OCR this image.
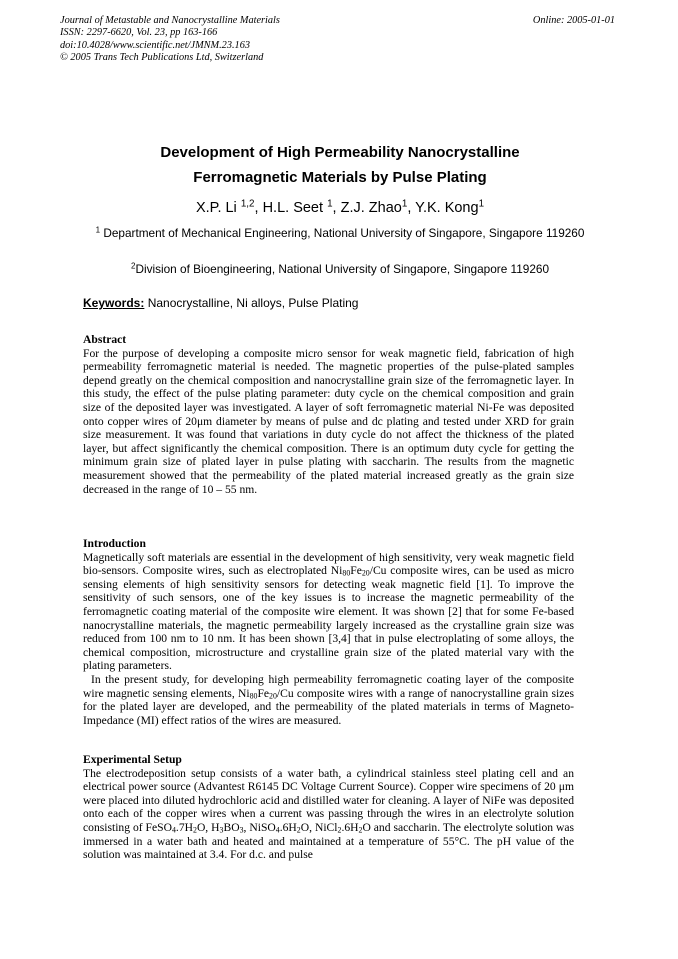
Journal of Metastable and Nanocrystalline Materials
ISSN: 2297-6620, Vol. 23, pp 163-166
doi:10.4028/www.scientific.net/JMNM.23.163
© 2005 Trans Tech Publications Ltd, Switzerland
Online: 2005-01-01
Development of High Permeability Nanocrystalline
Ferromagnetic Materials by Pulse Plating
X.P. Li $^{1,2}$, H.L. Seet $^1$, Z.J. Zhao$^1$, Y.K. Kong$^1$
$^1$ Department of Mechanical Engineering, National University of Singapore, Singapore 119260
$^2$Division of Bioengineering, National University of Singapore, Singapore 119260
Keywords: Nanocrystalline, Ni alloys, Pulse Plating
Abstract

For the purpose of developing a composite micro sensor for weak magnetic field, fabrication of high permeability ferromagnetic material is needed. The magnetic properties of the pulse-plated samples depend greatly on the chemical composition and nanocrystalline grain size of the ferromagnetic layer. In this study, the effect of the pulse plating parameter: duty cycle on the chemical composition and grain size of the deposited layer was investigated. A layer of soft ferromagnetic material Ni-Fe was deposited onto copper wires of 20μm diameter by means of pulse and dc plating and tested under XRD for grain size measurement. It was found that variations in duty cycle do not affect the thickness of the plated layer, but affect significantly the chemical composition. There is an optimum duty cycle for getting the minimum grain size of plated layer in pulse plating with saccharin. The results from the magnetic measurement showed that the permeability of the plated material increased greatly as the grain size decreased in the range of 10 – 55 nm.

Introduction

Magnetically soft materials are essential in the development of high sensitivity, very weak magnetic field bio-sensors. Composite wires, such as electroplated $Ni_{80}Fe_{20}/Cu$ composite wires, can be used as micro sensing elements of high sensitivity sensors for detecting weak magnetic field [1]. To improve the sensitivity of such sensors, one of the key issues is to increase the magnetic permeability of the ferromagnetic coating material of the composite wire element. It was shown [2] that for some Fe-based nanocrystalline materials, the magnetic permeability largely increased as the crystalline grain size was reduced from 100 nm to 10 nm. It has been shown [3,4] that in pulse electroplating of some alloys, the chemical composition, microstructure and crystalline grain size of the plated material vary with the plating parameters.

In the present study, for developing high permeability ferromagnetic coating layer of the composite wire magnetic sensing elements, $Ni_{80}Fe_{20}/Cu$ composite wires with a range of nanocrystalline grain sizes for the plated layer are developed, and the permeability of the plated materials in terms of Magneto-Impedance (MI) effect ratios of the wires are measured.

Experimental Setup

The electrodeposition setup consists of a water bath, a cylindrical stainless steel plating cell and an electrical power source (Advantest R6145 DC Voltage Current Source). Copper wire specimens of 20 μm were placed into diluted hydrochloric acid and distilled water for cleaning. A layer of NiFe was deposited onto each of the copper wires when a current was passing through the wires in an electrolyte solution consisting of $FeSO_4.7H_2O$, $H_3BO_3$, $NiSO_4.6H_2O$, $NiCl_2.6H_2O$ and saccharin. The electrolyte solution was immersed in a water bath and heated and maintained at a temperature of 55°C. The pH value of the solution was maintained at 3.4. For d.c. and pulse
